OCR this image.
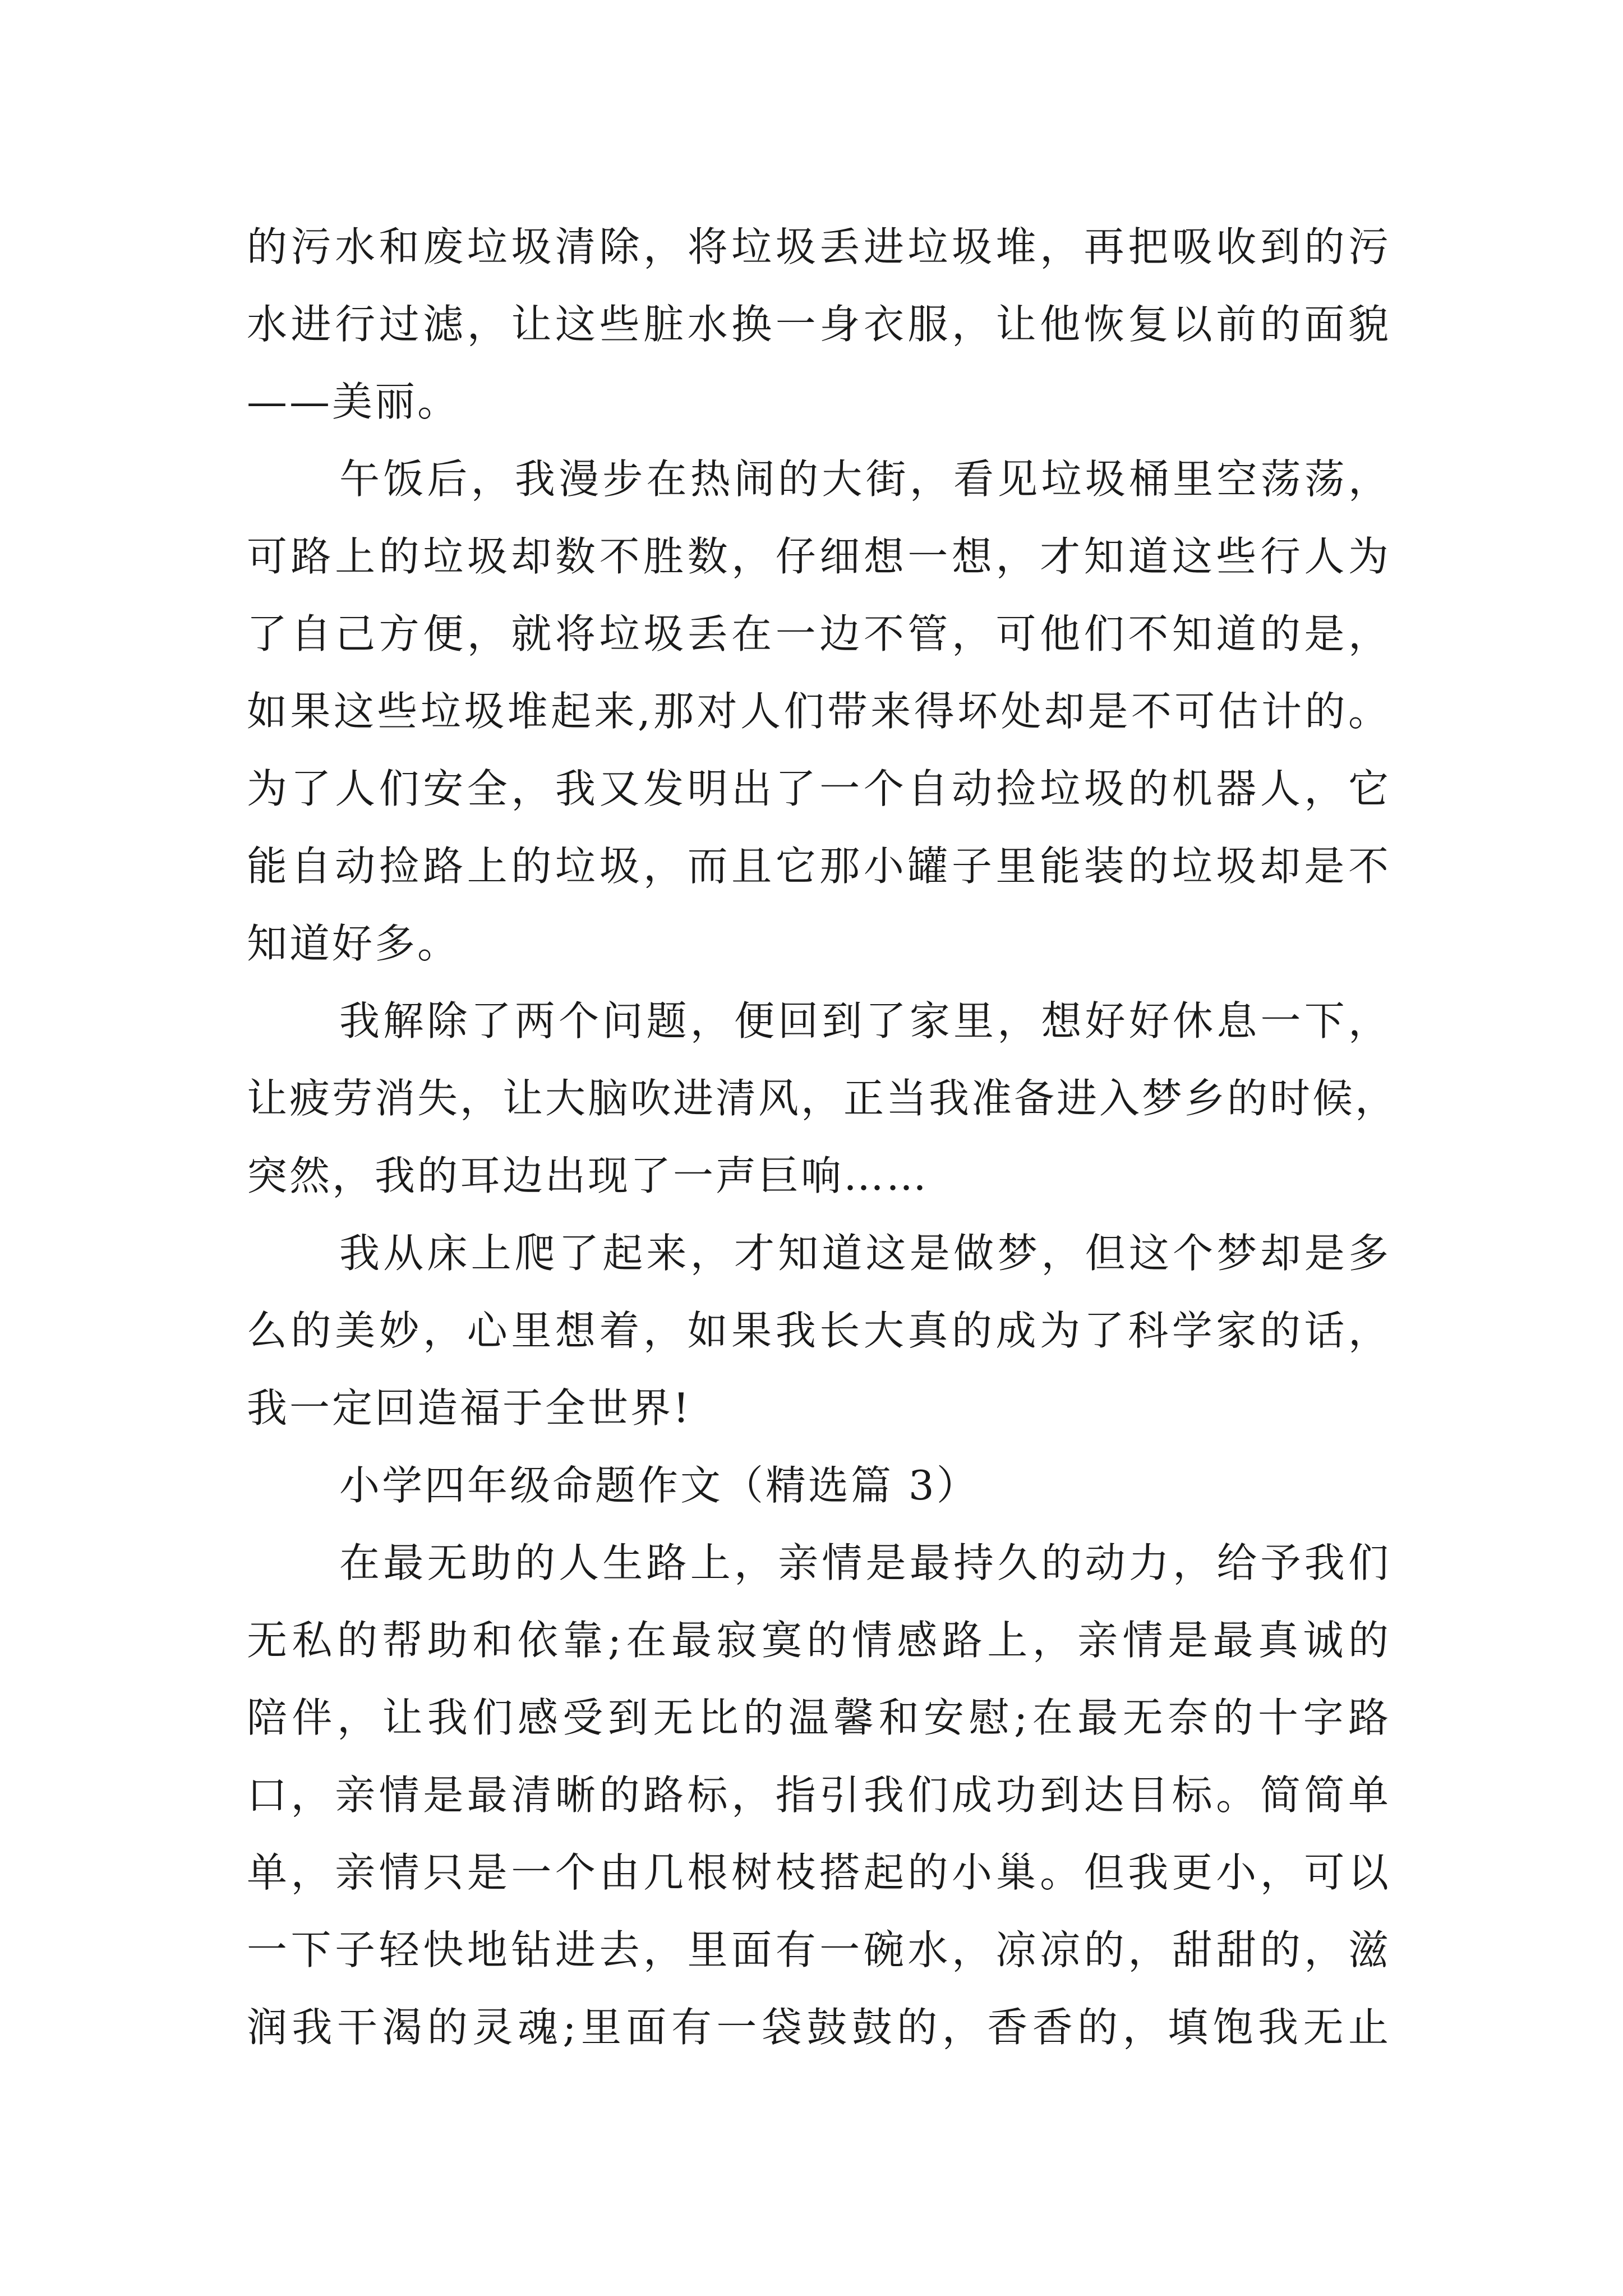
的污水和废垃圾清除，将垃圾丢进垃圾堆，再把吸收到的污
水进行过滤，让这些脏水换一身衣服，让他恢复以前的面貌
——美丽。
午饭后，我漫步在热闹的大街，看见垃圾桶里空荡荡，
可路上的垃圾却数不胜数，仔细想一想，才知道这些行人为
了自己方便，就将垃圾丢在一边不管，可他们不知道的是，
如果这些垃圾堆起来,那对人们带来得坏处却是不可估计的。
为了人们安全，我又发明出了一个自动捡垃圾的机器人，它
能自动捡路上的垃圾，而且它那小罐子里能装的垃圾却是不
知道好多。
我解除了两个问题，便回到了家里，想好好休息一下，
让疲劳消失，让大脑吹进清风，正当我准备进入梦乡的时候，
突然，我的耳边出现了一声巨响……
我从床上爬了起来，才知道这是做梦，但这个梦却是多
么的美妙，心里想着，如果我长大真的成为了科学家的话，
我一定回造福于全世界!
小学四年级命题作文（精选篇 3）
在最无助的人生路上，亲情是最持久的动力，给予我们
无私的帮助和依靠;在最寂寞的情感路上，亲情是最真诚的
陪伴，让我们感受到无比的温馨和安慰;在最无奈的十字路
口，亲情是最清晰的路标，指引我们成功到达目标。简简单
单，亲情只是一个由几根树枝搭起的小巢。但我更小，可以
一下子轻快地钻进去，里面有一碗水，凉凉的，甜甜的，滋
润我干渴的灵魂;里面有一袋鼓鼓的，香香的，填饱我无止
